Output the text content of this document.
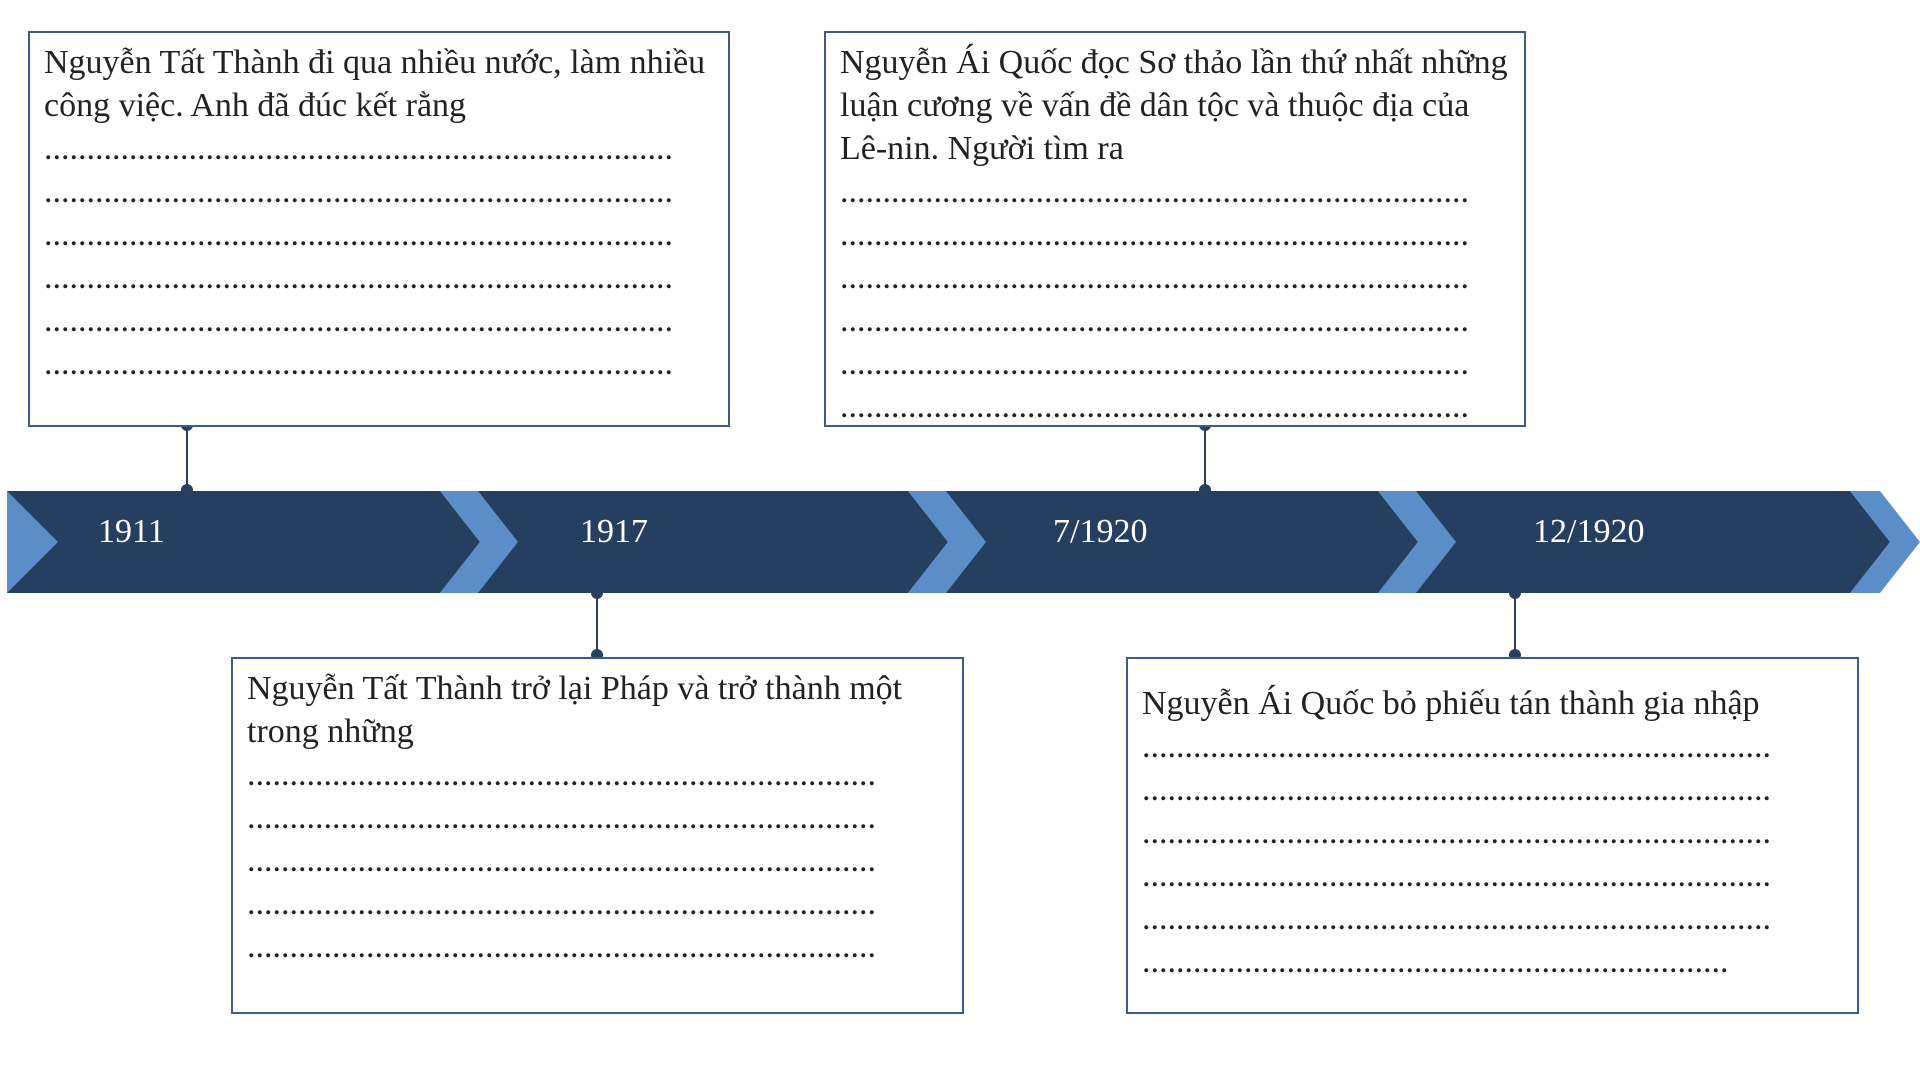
1911	1917	7/1920	12/1920
Nguyễn Tất Thành đi qua nhiều nước, làm nhiều công việc. Anh đã đúc kết rằng
..........................................................................
..........................................................................
..........................................................................
..........................................................................
..........................................................................
..........................................................................
Nguyễn Tất Thành trở lại Pháp và trở thành một trong những
..........................................................................
..........................................................................
..........................................................................
..........................................................................
..........................................................................
Nguyễn Ái Quốc đọc Sơ thảo lần thứ nhất những luận cương về vấn đề dân tộc và thuộc địa của Lê-nin. Người tìm ra
..........................................................................
..........................................................................
..........................................................................
..........................................................................
..........................................................................
..........................................................................
Nguyễn Ái Quốc bỏ phiếu tán thành gia nhập
..........................................................................
..........................................................................
..........................................................................
..........................................................................
..........................................................................
.....................................................................
